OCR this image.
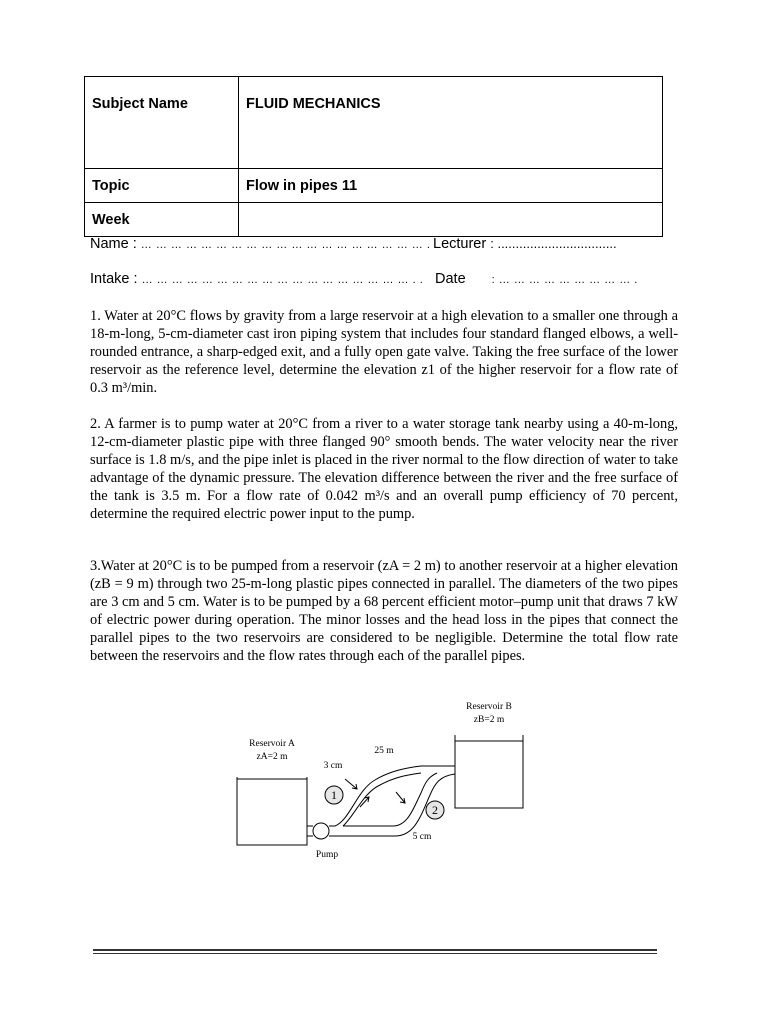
Subject Name	FLUID MECHANICS
Topic	Flow in pipes 11
Week	
Name : … … … … … … … … … … … … … … … … … … … . Lecturer : .................................
Intake : … … … … … … … … … … … … … … … … … … . . Date : … … … … … … … … … .
1. Water at 20°C flows by gravity from a large reservoir at a high elevation to a smaller one through a 18-m-long, 5-cm-diameter cast iron piping system that includes four standard flanged elbows, a well-rounded entrance, a sharp-edged exit, and a fully open gate valve. Taking the free surface of the lower reservoir as the reference level, determine the elevation z1 of the higher reservoir for a flow rate of 0.3 m³/min.
2. A farmer is to pump water at 20°C from a river to a water storage tank nearby using a 40-m-long, 12-cm-diameter plastic pipe with three flanged 90° smooth bends. The water velocity near the river surface is 1.8 m/s, and the pipe inlet is placed in the river normal to the flow direction of water to take advantage of the dynamic pressure. The elevation difference between the river and the free surface of the tank is 3.5 m. For a flow rate of 0.042 m³/s and an overall pump efficiency of 70 percent, determine the required electric power input to the pump.
3.Water at 20°C is to be pumped from a reservoir (zA = 2 m) to another reservoir at a higher elevation (zB = 9 m) through two 25-m-long plastic pipes connected in parallel. The diameters of the two pipes are 3 cm and 5 cm. Water is to be pumped by a 68 percent efficient motor–pump unit that draws 7 kW of electric power during operation. The minor losses and the head loss in the pipes that connect the parallel pipes to the two reservoirs are considered to be negligible. Determine the total flow rate between the reservoirs and the flow rates through each of the parallel pipes.
Reservoir A
zA=2 m
Reservoir B
zB=2 m
Pump
1
2
25 m
3 cm
5 cm
